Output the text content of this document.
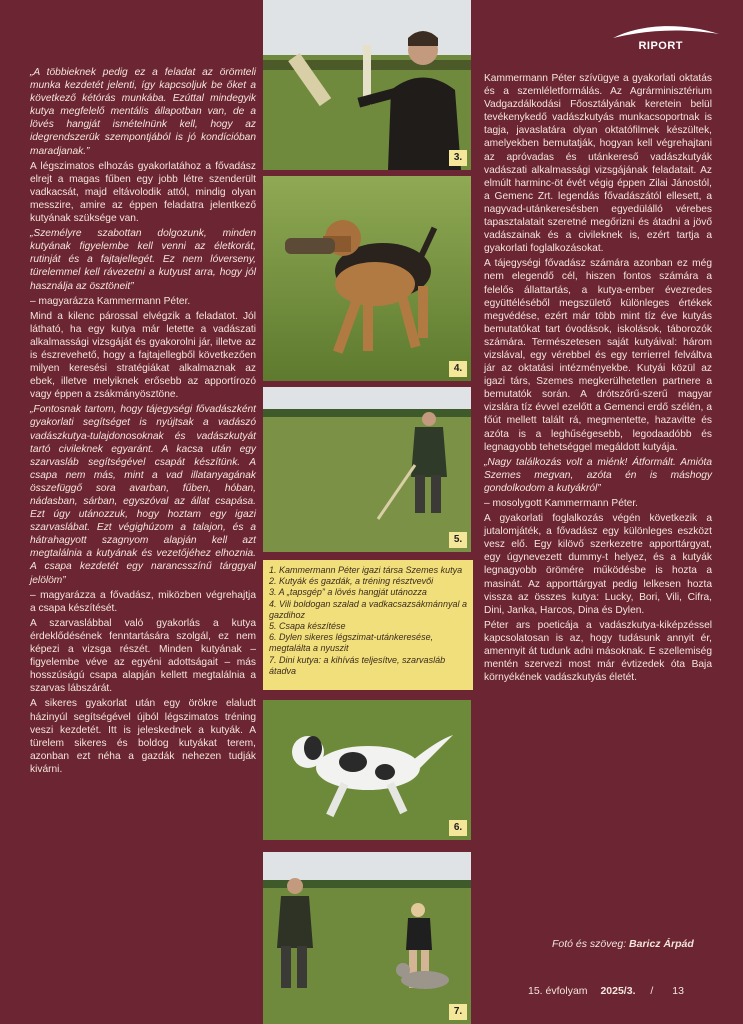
RIPORT

„A többieknek pedig ez a feladat az örömteli munka kezdetét jelenti, így kapcsoljuk be őket a következő kétórás munkába. Ezúttal mindegyik kutya megfelelő mentális állapotban van, de a lövés hangját ismételnünk kell, hogy az idegrendszerük szempontjából is jó kondícióban maradjanak.”

A légszimatos elhozás gyakorlatához a fővadász elrejt a magas fűben egy jobb létre szenderült vadkacsát, majd eltávolodik attól, mindig olyan messzire, amire az éppen feladatra jelentkező kutyának szüksége van.

„Személyre szabottan dolgozunk, minden kutyának figyelembe kell venni az életkorát, rutinját és a fajtajellegét. Ez nem lóverseny, türelemmel kell rávezetni a kutyust arra, hogy jól használja az ösztöneit”

– magyarázza Kammermann Péter.

Mind a kilenc párossal elvégzik a feladatot. Jól látható, ha egy kutya már letette a vadászati alkalmassági vizsgáját és gyakorolni jár, illetve az is észrevehető, hogy a fajtajellegből következően milyen keresési stratégiákat alkalmaznak az ebek, illetve melyiknek erősebb az apportírozó vagy éppen a zsákmányösztöne.

„Fontosnak tartom, hogy tájegységi fővadászként gyakorlati segítséget is nyújtsak a vadászó vadászkutya-tulajdonosoknak és vadászkutyát tartó civileknek egyaránt. A kacsa után egy szarvasláb segítségével csapát készítünk. A csapa nem más, mint a vad illatanyagának összefüggő sora avarban, fűben, hóban, nádasban, sárban, egyszóval az állat csapása. Ezt úgy utánozzuk, hogy hoztam egy igazi szarvaslábat. Ezt végighúzom a talajon, és a hátrahagyott szagnyom alapján kell azt megtalálnia a kutyának és vezetőjéhez elhoznia. A csapa kezdetét egy narancsszínű tárggyal jelölöm”

– magyarázza a fővadász, miközben végrehajtja a csapa készítését.

A szarvaslábbal való gyakorlás a kutya érdeklődésének fenntartására szolgál, ez nem képezi a vizsga részét. Minden kutyának – figyelembe véve az egyéni adottságait – más hosszúságú csapa alapján kellett megtalálnia a szarvas lábszárát.

A sikeres gyakorlat után egy örökre elaludt házinyúl segítségével újból légszimatos tréning veszi kezdetét. Itt is jeleskednek a kutyák. A türelem sikeres és boldog kutyákat terem, azonban ezt néha a gazdák nehezen tudják kivárni.

3.
4.
5.
1. Kammermann Péter igazi társa Szemes kutya
2. Kutyák és gazdák, a tréning résztvevői
3. A „tapsgép” a lövés hangját utánozza
4. Vili boldogan szalad a vadkacsazsákmánnyal a gazdihoz
5. Csapa készítése
6. Dylen sikeres légszimat-utánkeresése, megtalálta a nyuszit
7. Dini kutya: a kihívás teljesítve, szarvasláb átadva
6.
7.

Kammermann Péter szívügye a gyakorlati oktatás és a szemléletformálás. Az Agrárminisztérium Vadgazdálkodási Főosztályának keretein belül tevékenykedő vadászkutyás munkacsoportnak is tagja, javaslatára olyan oktatófilmek készültek, amelyekben bemutatják, hogyan kell végrehajtani az apróvadas és utánkereső vadászkutyák vadászati alkalmassági vizsgájának feladatait. Az elmúlt harminc-öt évét végig éppen Zilai Jánostól, a Gemenc Zrt. legendás fővadászától ellesett, a nagyvad-utánkeresésben egyedülálló vérebes tapasztalatait szeretné megőrizni és átadni a jövő vadászainak és a civileknek is, ezért tartja a gyakorlati foglalkozásokat.

A tájegységi fővadász számára azonban ez még nem elegendő cél, hiszen fontos számára a felelős állattartás, a kutya-ember évezredes együttéléséből megszülető különleges értékek megvédése, ezért már több mint tíz éve kutyás bemutatókat tart óvodások, iskolások, táborozók számára. Természetesen saját kutyáival: három vizslával, egy vérebbel és egy terrierrel felváltva jár az oktatási intézményekbe. Kutyái közül az igazi társ, Szemes megkerülhetetlen partnere a bemutatók során. A drótszőrű-szerű magyar vizslára tíz évvel ezelőtt a Gemenci erdő szélén, a főút mellett talált rá, megmentette, hazavitte és azóta is a leghűségesebb, legodaadóbb és legnagyobb tehetséggel megáldott kutyája.

„Nagy találkozás volt a miénk! Átformált. Amióta Szemes megvan, azóta én is máshogy gondolkodom a kutyákról”

– mosolygott Kammermann Péter.

A gyakorlati foglalkozás végén következik a jutalomjáték, a fővadász egy különleges eszközt vesz elő. Egy kilövő szerkezetre apporttárgyat, egy úgynevezett dummy-t helyez, és a kutyák legnagyobb örömére működésbe is hozta a masinát. Az apporttárgyat pedig lelkesen hozta vissza az összes kutya: Lucky, Bori, Vili, Cifra, Dini, Janka, Harcos, Dina és Dylen.

Péter ars poeticája a vadászkutya-kiképzéssel kapcsolatosan is az, hogy tudásunk annyit ér, amennyit át tudunk adni másoknak. E szellemiség mentén szervezi most már évtizedek óta Baja környékének vadászkutyás életét.

Fotó és szöveg: Baricz Árpád
15. évfolyam 2025/3. / 13
